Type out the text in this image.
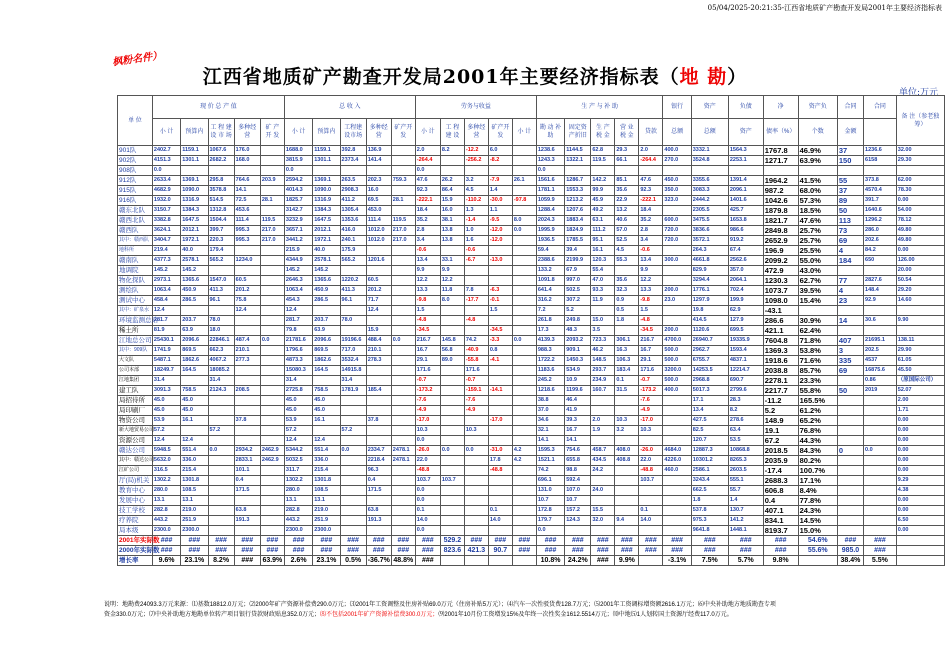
05/04/2025-20:21:35-江西省地质矿产勘查开发局2001年主要经济指标表
枫粉名件）
江西省地质矿产勘查开发局2001年主要经济指标表（地 勘）
单位:万元
单 位	现 价 总 产 值					总 收 入					劳务与收益					生 产 与 补 助					银行	资产	负债	净	资产负	合同	合同	备 注（参老独筹）
	小 计	预算内	工 程 建 设 市 场	多种经营	矿 产 开 发	小 计	预算内	工程建设市场	多种经营	矿产开发	小 计	工 程 建 设	多种经营	矿产开发	小 计	勘 动 补 助	固定资 产折旧	生 产 税 金	营 业 税 金	贷款	总额	总额	资产	债率（%）	个数	金额		
901队	2402.7	1159.1	1067.6	176.0		1688.0	1159.1	392.8	136.9		2.0	8.2	-12.2	6.0		1238.6	1144.5	62.8	29.3	2.0	400.0	3332.1	1564.3	1767.8	46.9%	37	1236.6	32.00
902队	4151.3	1301.1	2682.2	168.0		3815.9	1301.1	2373.4	141.4		-264.4		-256.2	-8.2		1243.3	1322.1	119.5	66.1	-264.4	270.0	3524.8	2253.1	1271.7	63.9%	150	6158	29.30
908队	0.0					0.0					0.0					0.0												
912队	2633.4	1369.1	295.8	764.6	203.9	2594.2	1369.1	263.5	202.3	759.3	47.6	26.2	3.2	-7.9	26.1	1561.6	1286.7	142.2	85.1	47.6	450.0	3355.6	1391.4	1964.2	41.5%	55	373.8	62.00
915队	4682.9	1090.0	3578.8	14.1		4014.3	1090.0	2908.3	16.0		92.3	86.4	4.5	1.4		1781.1	1553.3	99.9	35.6	92.3	350.0	3083.3	2096.1	987.2	68.0%	37	4570.4	78.30
916队	1932.0	1316.9	514.5	72.5	28.1	1825.7	1316.9	411.2	69.5	28.1	-222.1	15.9	-110.2	-30.0	-97.8	1059.9	1213.2	45.9	22.9	-222.1	323.0	2444.2	1401.6	1042.6	57.3%	89	391.7	0.00
赣东北队	3150.7	1384.3	1312.8	453.6		3142.7	1384.3	1305.4	453.0		18.4	16.0	1.3	1.1		1288.4	1207.6	49.2	13.2	18.4		2305.5	425.7	1879.8	18.5%	50	1640.6	54.00
赣西北队	3382.8	1647.5	1504.4	111.4	119.5	3232.9	1647.5	1353.6	111.4	119.5	35.2	38.1	-1.4	-9.5	8.0	2024.3	1883.4	63.1	40.6	35.2	600.0	3475.5	1653.8	1821.7	47.6%	113	1296.2	78.12
赣西队	3624.1	2012.1	399.7	995.3	217.0	3657.1	2012.1	416.0	1012.0	217.0	2.8	13.8	1.0	-12.0	0.0	1995.9	1824.9	111.2	57.0	2.8	720.0	3836.6	986.6	2849.8	25.7%	73	286.0	49.80
其中：赣西队	3404.7	1972.1	220.3	995.3	217.0	3441.2	1972.1	240.1	1012.0	217.0	3.4	13.8	1.6	-12.0		1936.5	1785.5	95.1	52.5	3.4	720.0	3572.1	919.2	2652.9	25.7%	69	202.6	49.80
地科所	219.4	40.0	179.4			215.9	40.0	175.9			-0.6		-0.6			59.4	39.4	16.1	4.5	-0.6		264.3	67.4	196.9	25.5%	4	84.2	0.00
赣南队	4377.3	2578.1	565.2	1234.0		4344.9	2578.1	565.2	1201.6		13.4	33.1	-6.7	-13.0		2388.6	2199.9	120.3	55.3	13.4	300.0	4661.8	2562.6	2099.2	55.0%	184	650	126.00
地调院	145.2	145.2				145.2	145.2				9.9	9.9				133.2	67.9	55.4		9.9		829.9	357.0	472.9	43.0%			20.00
物化探队	2973.1	1365.6	1547.0	60.5		2646.3	1365.6	1220.2	60.5		12.2	12.2				1091.8	997.0	47.0	35.6	12.2		3294.4	2064.1	1230.3	62.7%	77	2827.6	50.54
测绘队	1063.4	450.9	411.3	201.2		1063.4	450.9	411.3	201.2		13.3	11.8	7.8	-6.3		641.4	502.5	93.3	32.3	13.3	200.0	1776.1	702.4	1073.7	39.5%	4	148.4	29.20
测试中心	458.4	286.5	96.1	75.8		454.3	286.5	96.1	71.7		-9.8	8.0	-17.7	-0.1		316.2	307.2	11.9	0.9	-9.8	23.0	1297.9	199.9	1098.0	15.4%	23	92.9	14.60
其中：矿泉水	12.4			12.4		12.4			12.4		1.5			1.5		7.2	5.2		0.5	1.5		19.8	62.9	-43.1				
环境监测总站	281.7	203.7	78.0			281.7	203.7	78.0			-4.8		-4.8			261.8	249.8	15.0	1.8	-4.8		414.5	127.9	286.6	30.9%	14	30.6	9.90
稀土所	81.9	63.9	18.0			79.8	63.9		15.9		-34.5			-34.5		17.3	48.3	3.5		-34.5	200.0	1120.6	699.5	421.1	62.4%			
江地总公司	25430.1	2096.6	22846.1	487.4	0.0	21781.6	2096.6	19196.6	488.4	0.0	216.7	145.8	74.2	-3.3	0.0	4139.3	2093.2	723.3	306.1	216.7	4700.0	26940.7	19335.9	7604.8	71.8%	407	21695.1	138.11
其中：909队	1741.9	869.5	662.3	210.1		1796.6	869.5	717.0	210.1		16.7	56.8	-40.9	0.8		988.3	909.1	46.2	16.3	16.7	500.0	2962.7	1593.4	1369.3	53.8%	3	202.5	29.90
大文队	5487.1	1862.6	4067.2	277.3		4873.3	1862.6	3532.4	278.3		29.1	89.0	-55.8	-4.1		1722.2	1450.3	148.5	106.3	29.1	500.0	6755.7	4837.1	1918.6	71.6%	335	4537	61.05
公司本部	18249.7	164.5	18085.2			15080.3	164.5	14915.8			171.6		171.6			1183.6	534.9	293.7	183.4	171.6	3200.0	14253.5	12214.7	2038.8	85.7%	69	16875.6	45.50
江地集团	31.4		31.4			31.4		31.4			-0.7		-0.7			245.2	10.9	234.9	0.1	-0.7	500.0	2968.8	690.7	2278.1	23.3%		0.86	（原国际公司）
建工队	3091.3	758.5	2124.3	208.5		2725.8	758.5	1781.9	185.4		-173.2		-159.1	-14.1		1218.6	1199.6	160.7	31.5	-173.2	400.0	5017.3	2799.6	2217.7	55.8%	50	2019	52.07
局招待所	45.0	45.0				45.0	45.0				-7.6		-7.6			38.8	46.4			-7.6		17.1	28.3	-11.2	165.5%			2.00
局印刷厂	45.0	45.0				45.0	45.0				-4.9		-4.9			37.0	41.9			-4.9		13.4	8.2	5.2	61.2%			1.71
物资公司	53.9	16.1		37.8		53.9	16.1		37.8		-17.0			-17.0		34.6	39.3	2.0	10.3	-17.0		427.5	278.6	148.9	65.2%			0.00
新大地贸易公司	57.2		57.2			57.2		57.2			10.3		10.3			32.1	16.7	1.9	3.2	10.3		82.5	63.4	19.1	76.8%			0.00
资源公司	12.4	12.4				12.4	12.4				0.0					14.1	14.1					120.7	53.5	67.2	44.3%			0.00
赣达公司	5948.5	551.4	0.0	2934.2	2462.9	5344.2	551.4	0.0	2334.7	2478.1	-26.0	0.0	0.0	-31.0	4.2	1595.3	754.6	458.7	408.0	-26.0	4684.0	12887.3	10868.8	2018.5	84.3%	0	0.0	0.00
其中：赣达公司	5632.0	336.0		2833.1	2462.9	5032.5	336.0		2218.4	2478.1	22.0			17.8	4.2	1521.1	655.8	434.5	408.8	22.0	4226.0	10301.2	8265.3	2035.9	80.2%			0.00
江矿公司	316.5	215.4		101.1		311.7	215.4		96.3		-48.8			-48.8		74.2	98.8	24.2		-48.8	460.0	2586.1	2603.5	-17.4	100.7%			0.00
厅(局)机关	1302.2	1301.8		0.4		1302.2	1301.8		0.4		103.7	103.7				696.1	592.4			103.7		3243.4	555.1	2688.3	17.1%			9.29
教育中心	280.0	108.5		171.5		280.0	108.5		171.5		0.0					131.0	107.0	24.0				662.5	55.7	606.8	8.4%			4.38
发展中心	13.1	13.1				13.1	13.1				0.0					10.7	10.7					1.8	1.4	0.4	77.8%			0.00
技工学校	282.8	219.0		63.8		282.8	219.0		63.8		0.1			0.1		172.8	157.2	15.5		0.1		537.8	130.7	407.1	24.3%			0.00
疗养院	443.2	251.9		191.3		443.2	251.9		191.3		14.0			14.0		179.7	124.3	32.0	9.4	14.0		975.3	141.2	834.1	14.5%			6.50
局本级	2300.0	2300.0				2300.0	2300.0				0.0					0.0						9641.8	1448.1	8193.7	15.0%			0.00
2001年实际数	###	###	###	###	###	###	###	###	###	###	###	529.2	###	###	###	###	###	###	###	###	###	###	###	###	54.6%	###	###	
2000年实际数	###	###	###	###	###	###	###	###	###	###	###	823.6	421.3	90.7	###	###	###	###	###	###	###	###	###	###	55.6%	985.0	###	
增长率	9.6%	23.1%	8.2%	###	63.9%	2.6%	23.1%	0.5%	-36.7%	48.8%	###					10.8%	24.2%	###	9.9%		-3.1%	7.5%	5.7%	9.8%		38.4%	5.5%	
说明：地勘费24093.3万元来源：⑴基数18812.0万元；⑵2000年矿产资源补偿费290.0万元；⑶2001年工资调整及住房补贴69.0万元（住房补贴5万元）；⑷汽车一次性驳货费128.7万元；⑸2001年工资调标增资额2616.1万元；⑹中央补助地方地质勘查专项
资金330.0万元；⑺中央补助地方地勘单位转产项目银行贷款财政贴息352.0万元；⑻不包括2001年矿产资源补偿费300.0万元；⑼2001年10月份工资增发15%及年终一次性奖金1612.5514万元；⑽中地⑸1人划转国土资源厅经费117.0万元。
